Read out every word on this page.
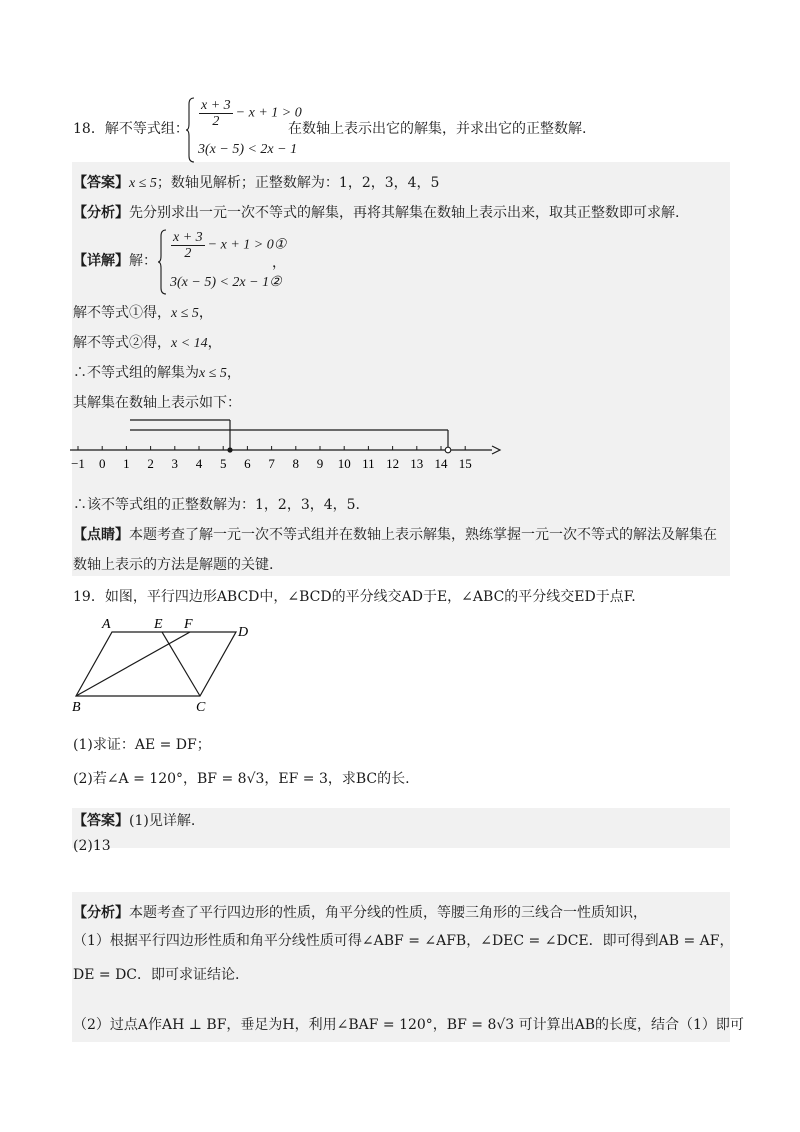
18．解不等式组： $\frac{x + 3}{2} - x + 1 > 0$
3(x − 5) < 2x − 1
在数轴上表示出它的解集，并求出它的正整数解.
【答案】x ≤ 5；数轴见解析；正整数解为：1，2，3，4，5
【分析】先分别求出一元一次不等式的解集，再将其解集在数轴上表示出来，取其正整数即可求解.
【详解】解： $\frac{x + 3}{2} - x + 1$ > 0①
3(x − 5) < 2x − 1②
，
解不等式①得，x ≤ 5，
解不等式②得，x < 14，
∴不等式组的解集为x ≤ 5，
其解集在数轴上表示如下：
−1 0 1 2 3 4 5 6 7 8 9 10 11 12 13 14 15
∴该不等式组的正整数解为：1，2，3，4，5.
【点睛】本题考查了解一元一次不等式组并在数轴上表示解集，熟练掌握一元一次不等式的解法及解集在
数轴上表示的方法是解题的关键.
19．如图，平行四边形ABCD中，∠BCD的平分线交AD于E，∠ABC的平分线交ED于点F.
A	E F
D
B	C
(1)求证：AE = DF；
(2)若∠A = 120°，BF = 8√3，EF = 3，求BC的长.
【答案】(1)见详解.
(2)13
【分析】本题考查了平行四边形的性质，角平分线的性质，等腰三角形的三线合一性质知识，
（1）根据平行四边形性质和角平分线性质可得∠ABF = ∠AFB，∠DEC = ∠DCE．即可得到AB = AF，
DE = DC．即可求证结论.
（2）过点A作AH ⊥ BF，垂足为H，利用∠BAF = 120°，BF = 8√3 可计算出AB的长度，结合（1）即可
